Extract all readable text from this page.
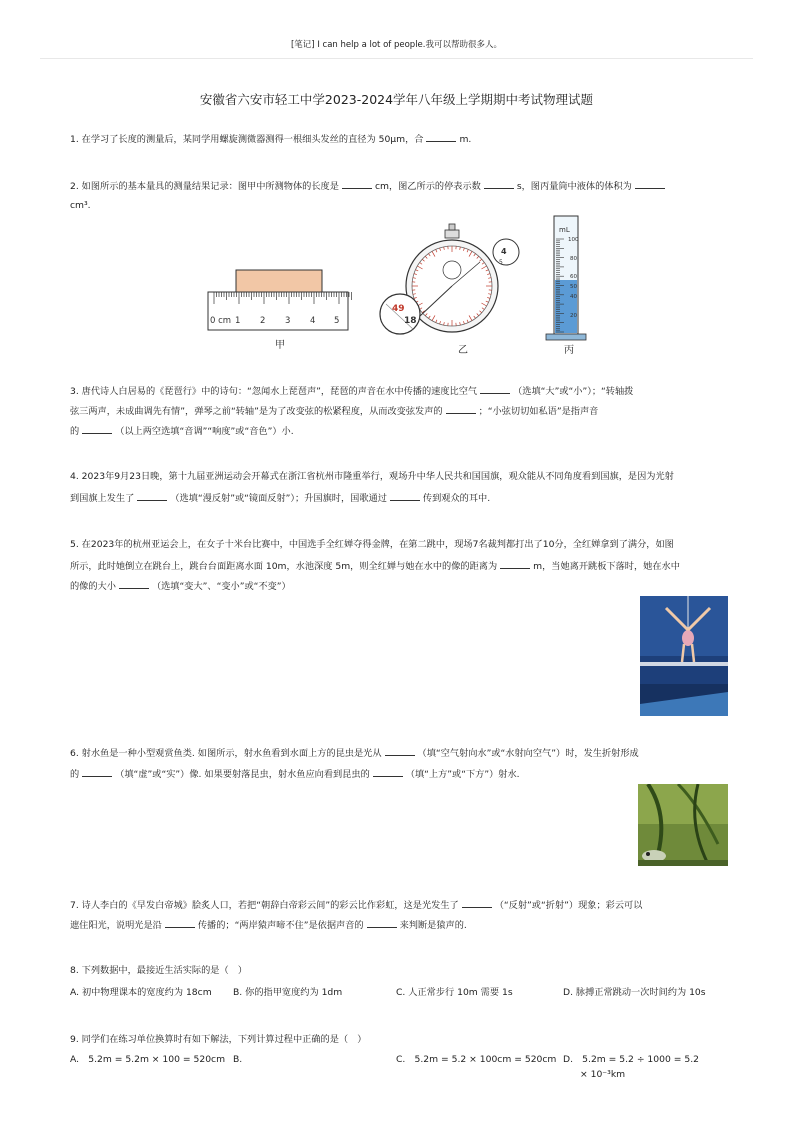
[笔记] I can help a lot of people.我可以帮助很多人。
安徽省六安市轻工中学2023-2024学年八年级上学期期中考试物理试题
1. 在学习了长度的测量后，某同学用螺旋测微器测得一根细头发丝的直径为 50μm，合	m.
2. 如图所示的基本量具的测量结果记录：图甲中所测物体的长度是	cm，图乙所示的停表示数	s，图丙量筒中液体的体积为
cm³.
0 cm 1 2 3 4 5
4
5
49
18
mL
100
80
60
50
40
20
甲	乙	丙
3. 唐代诗人白居易的《琵琶行》中的诗句：“忽闻水上琵琶声”，琵琶的声音在水中传播的速度比空气	（选填“大”或“小”）；“转轴拨
弦三两声，未成曲调先有情”，弹琴之前“转轴”是为了改变弦的松紧程度，从而改变弦发声的	；“小弦切切如私语”是指声音
的	（以上两空选填“音调”“响度”或“音色”）小.
4. 2023年9月23日晚，第十九届亚洲运动会开幕式在浙江省杭州市隆重举行，观场升中华人民共和国国旗，观众能从不同角度看到国旗，是因为光射
到国旗上发生了	（选填“漫反射”或“镜面反射”）；升国旗时，国歌通过	传到观众的耳中.
5. 在2023年的杭州亚运会上，在女子十米台比赛中，中国选手全红婵夺得金牌，在第二跳中，现场7名裁判都打出了10分，全红婵拿到了满分，如图
所示，此时她倒立在跳台上，跳台台面距离水面 10m，水池深度 5m，则全红婵与她在水中的像的距离为	m，当她离开跳板下落时，她在水中
的像的大小	（选填“变大”、“变小”或“不变”）
6. 射水鱼是一种小型观赏鱼类. 如图所示，射水鱼看到水面上方的昆虫是光从	（填“空气射向水”或“水射向空气”）时，发生折射形成
的	（填“虚”或“实”）像. 如果要射落昆虫，射水鱼应向看到昆虫的	（填“上方”或“下方”）射水.
7. 诗人李白的《早发白帝城》脍炙人口，若把“朝辞白帝彩云间”的彩云比作彩虹，这是光发生了	（“反射”或“折射”）现象；彩云可以
遮住阳光，说明光是沿	传播的；“两岸猿声啼不住”是依据声音的	来判断是猿声的.
8. 下列数据中，最接近生活实际的是（　）
A. 初中物理课本的宽度约为 18cm B. 你的指甲宽度约为 1dm	C. 人正常步行 10m 需要 1s	D. 脉搏正常跳动一次时间约为 10s
9. 同学们在练习单位换算时有如下解法，下列计算过程中正确的是（　）
A.　5.2m = 5.2m × 100 = 520cm B.	C.　5.2m = 5.2 × 100cm = 520cm D.　5.2m = 5.2 ÷ 1000 = 5.2
× 10⁻³km
